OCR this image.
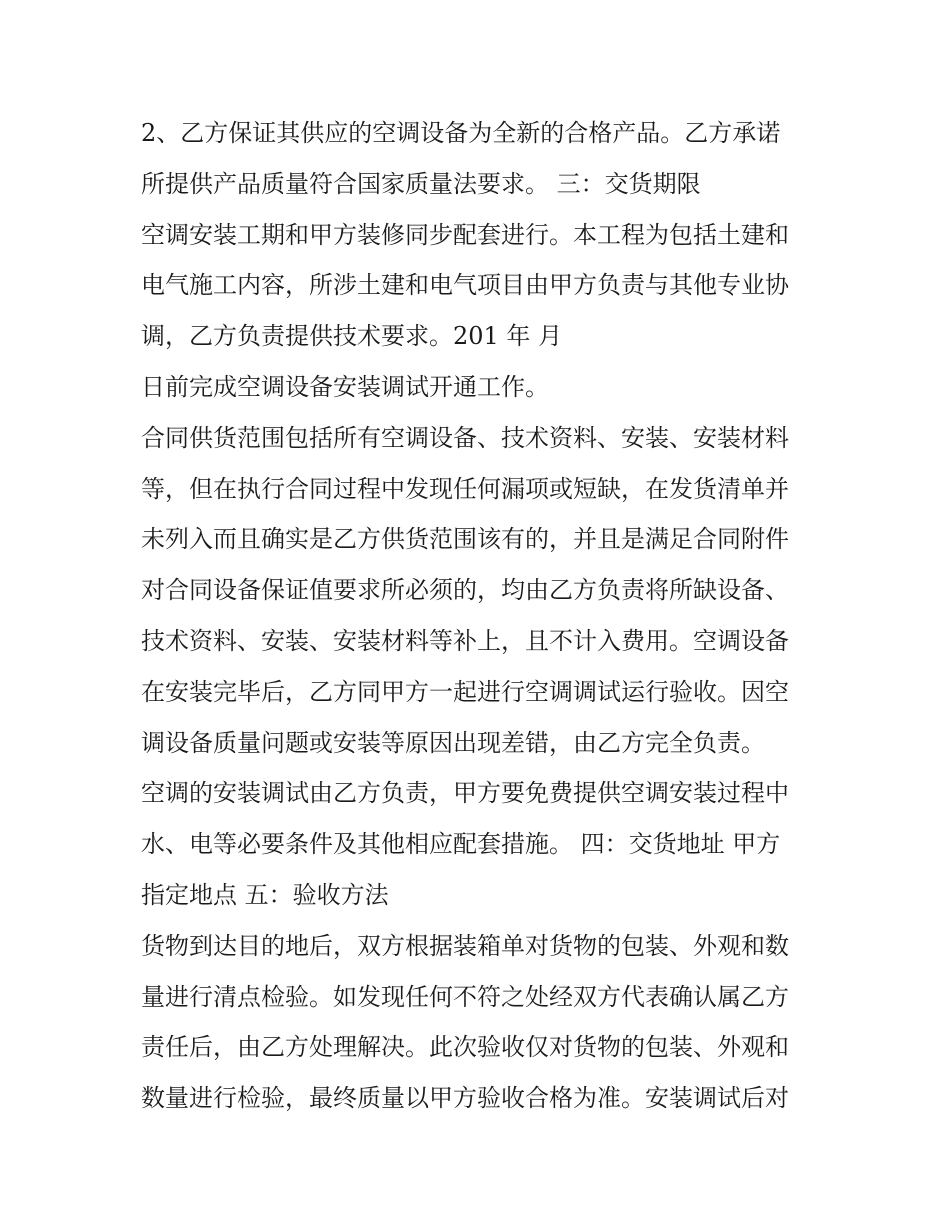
2、乙方保证其供应的空调设备为全新的合格产品。乙方承诺
所提供产品质量符合国家质量法要求。 三：交货期限
空调安装工期和甲方装修同步配套进行。本工程为包括土建和
电气施工内容，所涉土建和电气项目由甲方负责与其他专业协
调，乙方负责提供技术要求。201 年 月
日前完成空调设备安装调试开通工作。
合同供货范围包括所有空调设备、技术资料、安装、安装材料
等，但在执行合同过程中发现任何漏项或短缺，在发货清单并
未列入而且确实是乙方供货范围该有的，并且是满足合同附件
对合同设备保证值要求所必须的，均由乙方负责将所缺设备、
技术资料、安装、安装材料等补上，且不计入费用。空调设备
在安装完毕后，乙方同甲方一起进行空调调试运行验收。因空
调设备质量问题或安装等原因出现差错，由乙方完全负责。
空调的安装调试由乙方负责，甲方要免费提供空调安装过程中
水、电等必要条件及其他相应配套措施。 四：交货地址 甲方
指定地点 五：验收方法
货物到达目的地后，双方根据装箱单对货物的包装、外观和数
量进行清点检验。如发现任何不符之处经双方代表确认属乙方
责任后，由乙方处理解决。此次验收仅对货物的包装、外观和
数量进行检验，最终质量以甲方验收合格为准。安装调试后对
